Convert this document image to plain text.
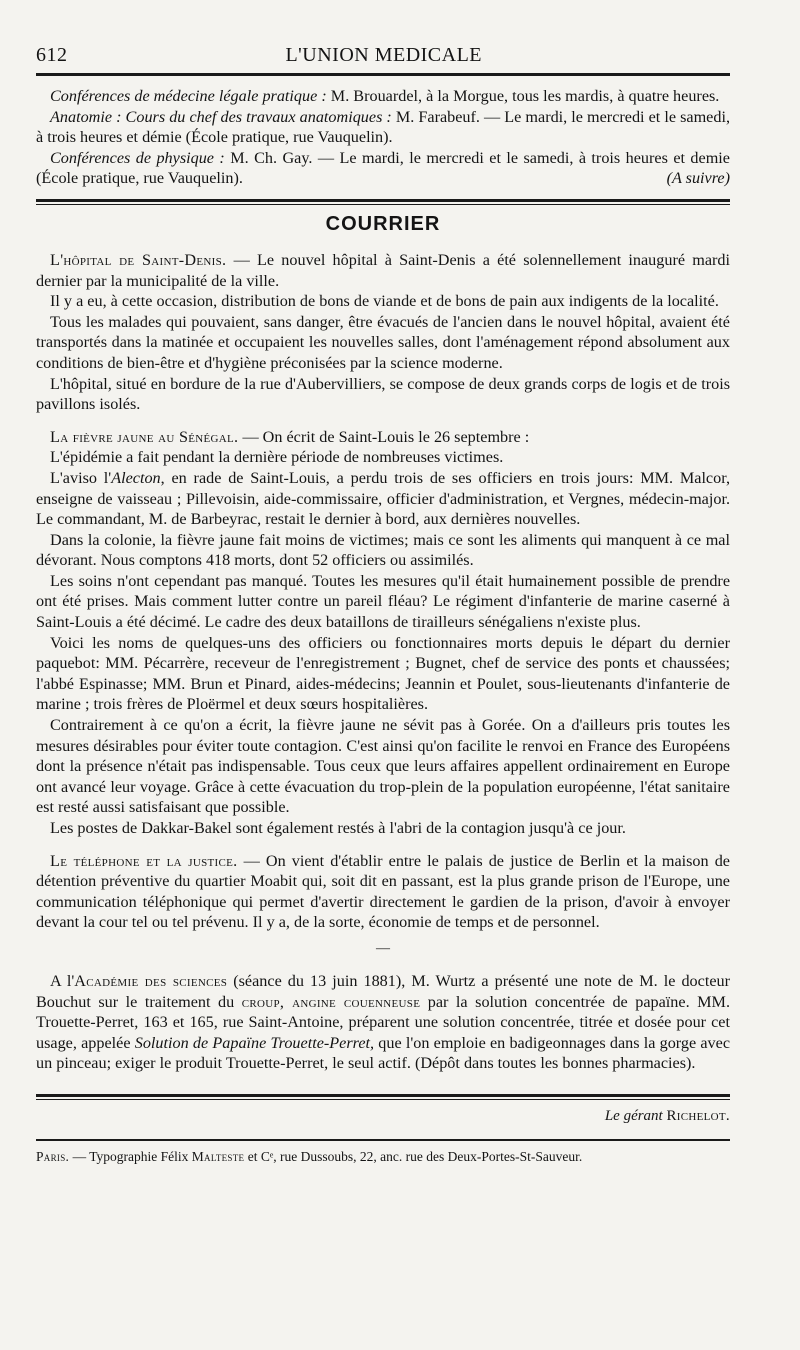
612	L'UNION MEDICALE

Conférences de médecine légale pratique : M. Brouardel, à la Morgue, tous les mardis, à quatre heures.

Anatomie : Cours du chef des travaux anatomiques : M. Farabeuf. — Le mardi, le mercredi et le samedi, à trois heures et démie (École pratique, rue Vauquelin).

Conférences de physique : M. Ch. Gay. — Le mardi, le mercredi et le samedi, à trois heures et demie (École pratique, rue Vauquelin).	(A suivre)

COURRIER

L'hôpital de Saint-Denis. — Le nouvel hôpital à Saint-Denis a été solennellement inauguré mardi dernier par la municipalité de la ville.

Il y a eu, à cette occasion, distribution de bons de viande et de bons de pain aux indigents de la localité.

Tous les malades qui pouvaient, sans danger, être évacués de l'ancien dans le nouvel hôpital, avaient été transportés dans la matinée et occupaient les nouvelles salles, dont l'aménagement répond absolument aux conditions de bien-être et d'hygiène préconisées par la science moderne.

L'hôpital, situé en bordure de la rue d'Aubervilliers, se compose de deux grands corps de logis et de trois pavillons isolés.

La fièvre jaune au Sénégal. — On écrit de Saint-Louis le 26 septembre :

L'épidémie a fait pendant la dernière période de nombreuses victimes.

L'aviso l'Alecton, en rade de Saint-Louis, a perdu trois de ses officiers en trois jours: MM. Malcor, enseigne de vaisseau ; Pillevoisin, aide-commissaire, officier d'administration, et Vergnes, médecin-major. Le commandant, M. de Barbeyrac, restait le dernier à bord, aux dernières nouvelles.

Dans la colonie, la fièvre jaune fait moins de victimes; mais ce sont les aliments qui manquent à ce mal dévorant. Nous comptons 418 morts, dont 52 officiers ou assimilés.

Les soins n'ont cependant pas manqué. Toutes les mesures qu'il était humainement possible de prendre ont été prises. Mais comment lutter contre un pareil fléau? Le régiment d'infanterie de marine caserné à Saint-Louis a été décimé. Le cadre des deux bataillons de tirailleurs sénégaliens n'existe plus.

Voici les noms de quelques-uns des officiers ou fonctionnaires morts depuis le départ du dernier paquebot: MM. Pécarrère, receveur de l'enregistrement ; Bugnet, chef de service des ponts et chaussées; l'abbé Espinasse; MM. Brun et Pinard, aides-médecins; Jeannin et Poulet, sous-lieutenants d'infanterie de marine ; trois frères de Ploërmel et deux sœurs hospitalières.

Contrairement à ce qu'on a écrit, la fièvre jaune ne sévit pas à Gorée. On a d'ailleurs pris toutes les mesures désirables pour éviter toute contagion. C'est ainsi qu'on facilite le renvoi en France des Européens dont la présence n'était pas indispensable. Tous ceux que leurs affaires appellent ordinairement en Europe ont avancé leur voyage. Grâce à cette évacuation du trop-plein de la population européenne, l'état sanitaire est resté aussi satisfaisant que possible.

Les postes de Dakkar-Bakel sont également restés à l'abri de la contagion jusqu'à ce jour.

Le téléphone et la justice. — On vient d'établir entre le palais de justice de Berlin et la maison de détention préventive du quartier Moabit qui, soit dit en passant, est la plus grande prison de l'Europe, une communication téléphonique qui permet d'avertir directement le gardien de la prison, d'avoir à envoyer devant la cour tel ou tel prévenu. Il y a, de la sorte, économie de temps et de personnel.

—

A l'Académie des sciences (séance du 13 juin 1881), M. Wurtz a présenté une note de M. le docteur Bouchut sur le traitement du croup, angine couenneuse par la solution concentrée de papaïne. MM. Trouette-Perret, 163 et 165, rue Saint-Antoine, préparent une solution concentrée, titrée et dosée pour cet usage, appelée Solution de Papaïne Trouette-Perret, que l'on emploie en badigeonnages dans la gorge avec un pinceau; exiger le produit Trouette-Perret, le seul actif. (Dépôt dans toutes les bonnes pharmacies).

Le gérant Richelot.
Paris. — Typographie Félix Malteste et Cᵉ, rue Dussoubs, 22, anc. rue des Deux-Portes-St-Sauveur.
